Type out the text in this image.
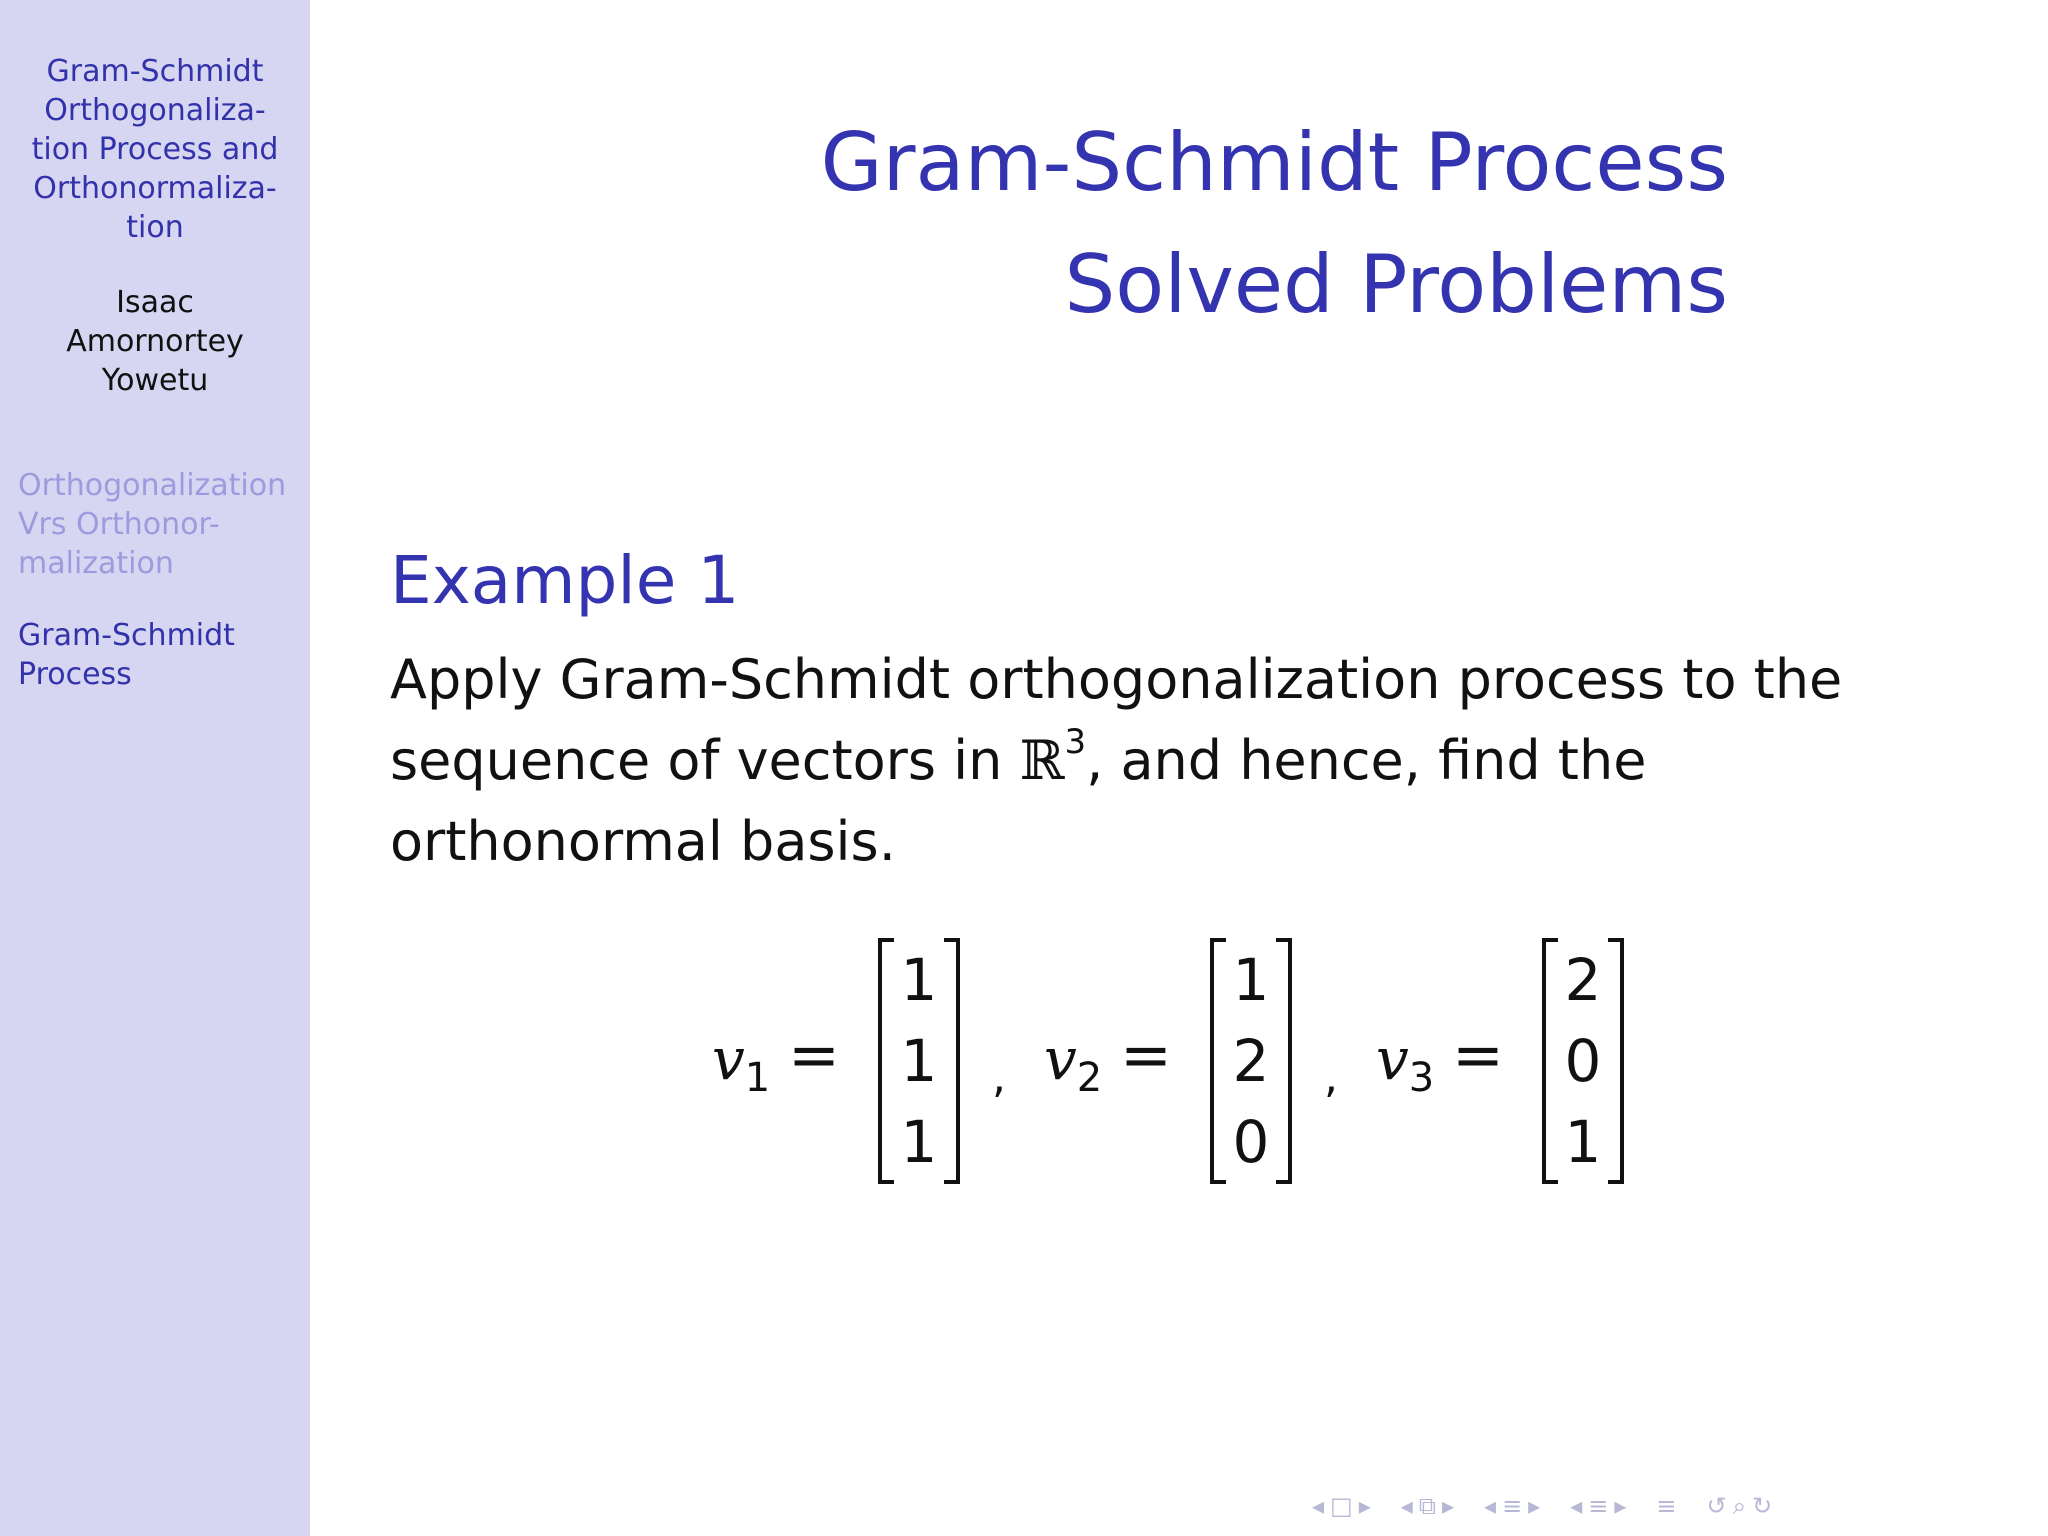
Gram-Schmidt
Orthogonaliza-
tion Process and
Orthonormaliza-
tion
Isaac
Amornortey
Yowetu
Orthogonalization
Vrs Orthonor-
malization
Gram-Schmidt
Process
Gram-Schmidt Process
Solved Problems
Example 1
Apply Gram-Schmidt orthogonalization process to the
sequence of vectors in ℝ$^3$, and hence, find the
orthonormal basis.
$v_1$ =
1
1
1
, $v_2$ =
1
2
0
, $v_3$ =
2
0
1
◂ □ ▸ ◂ ⧉ ▸ ◂ ≡ ▸ ◂ ≡ ▸ ≡ ↺ ⌕ ↻
